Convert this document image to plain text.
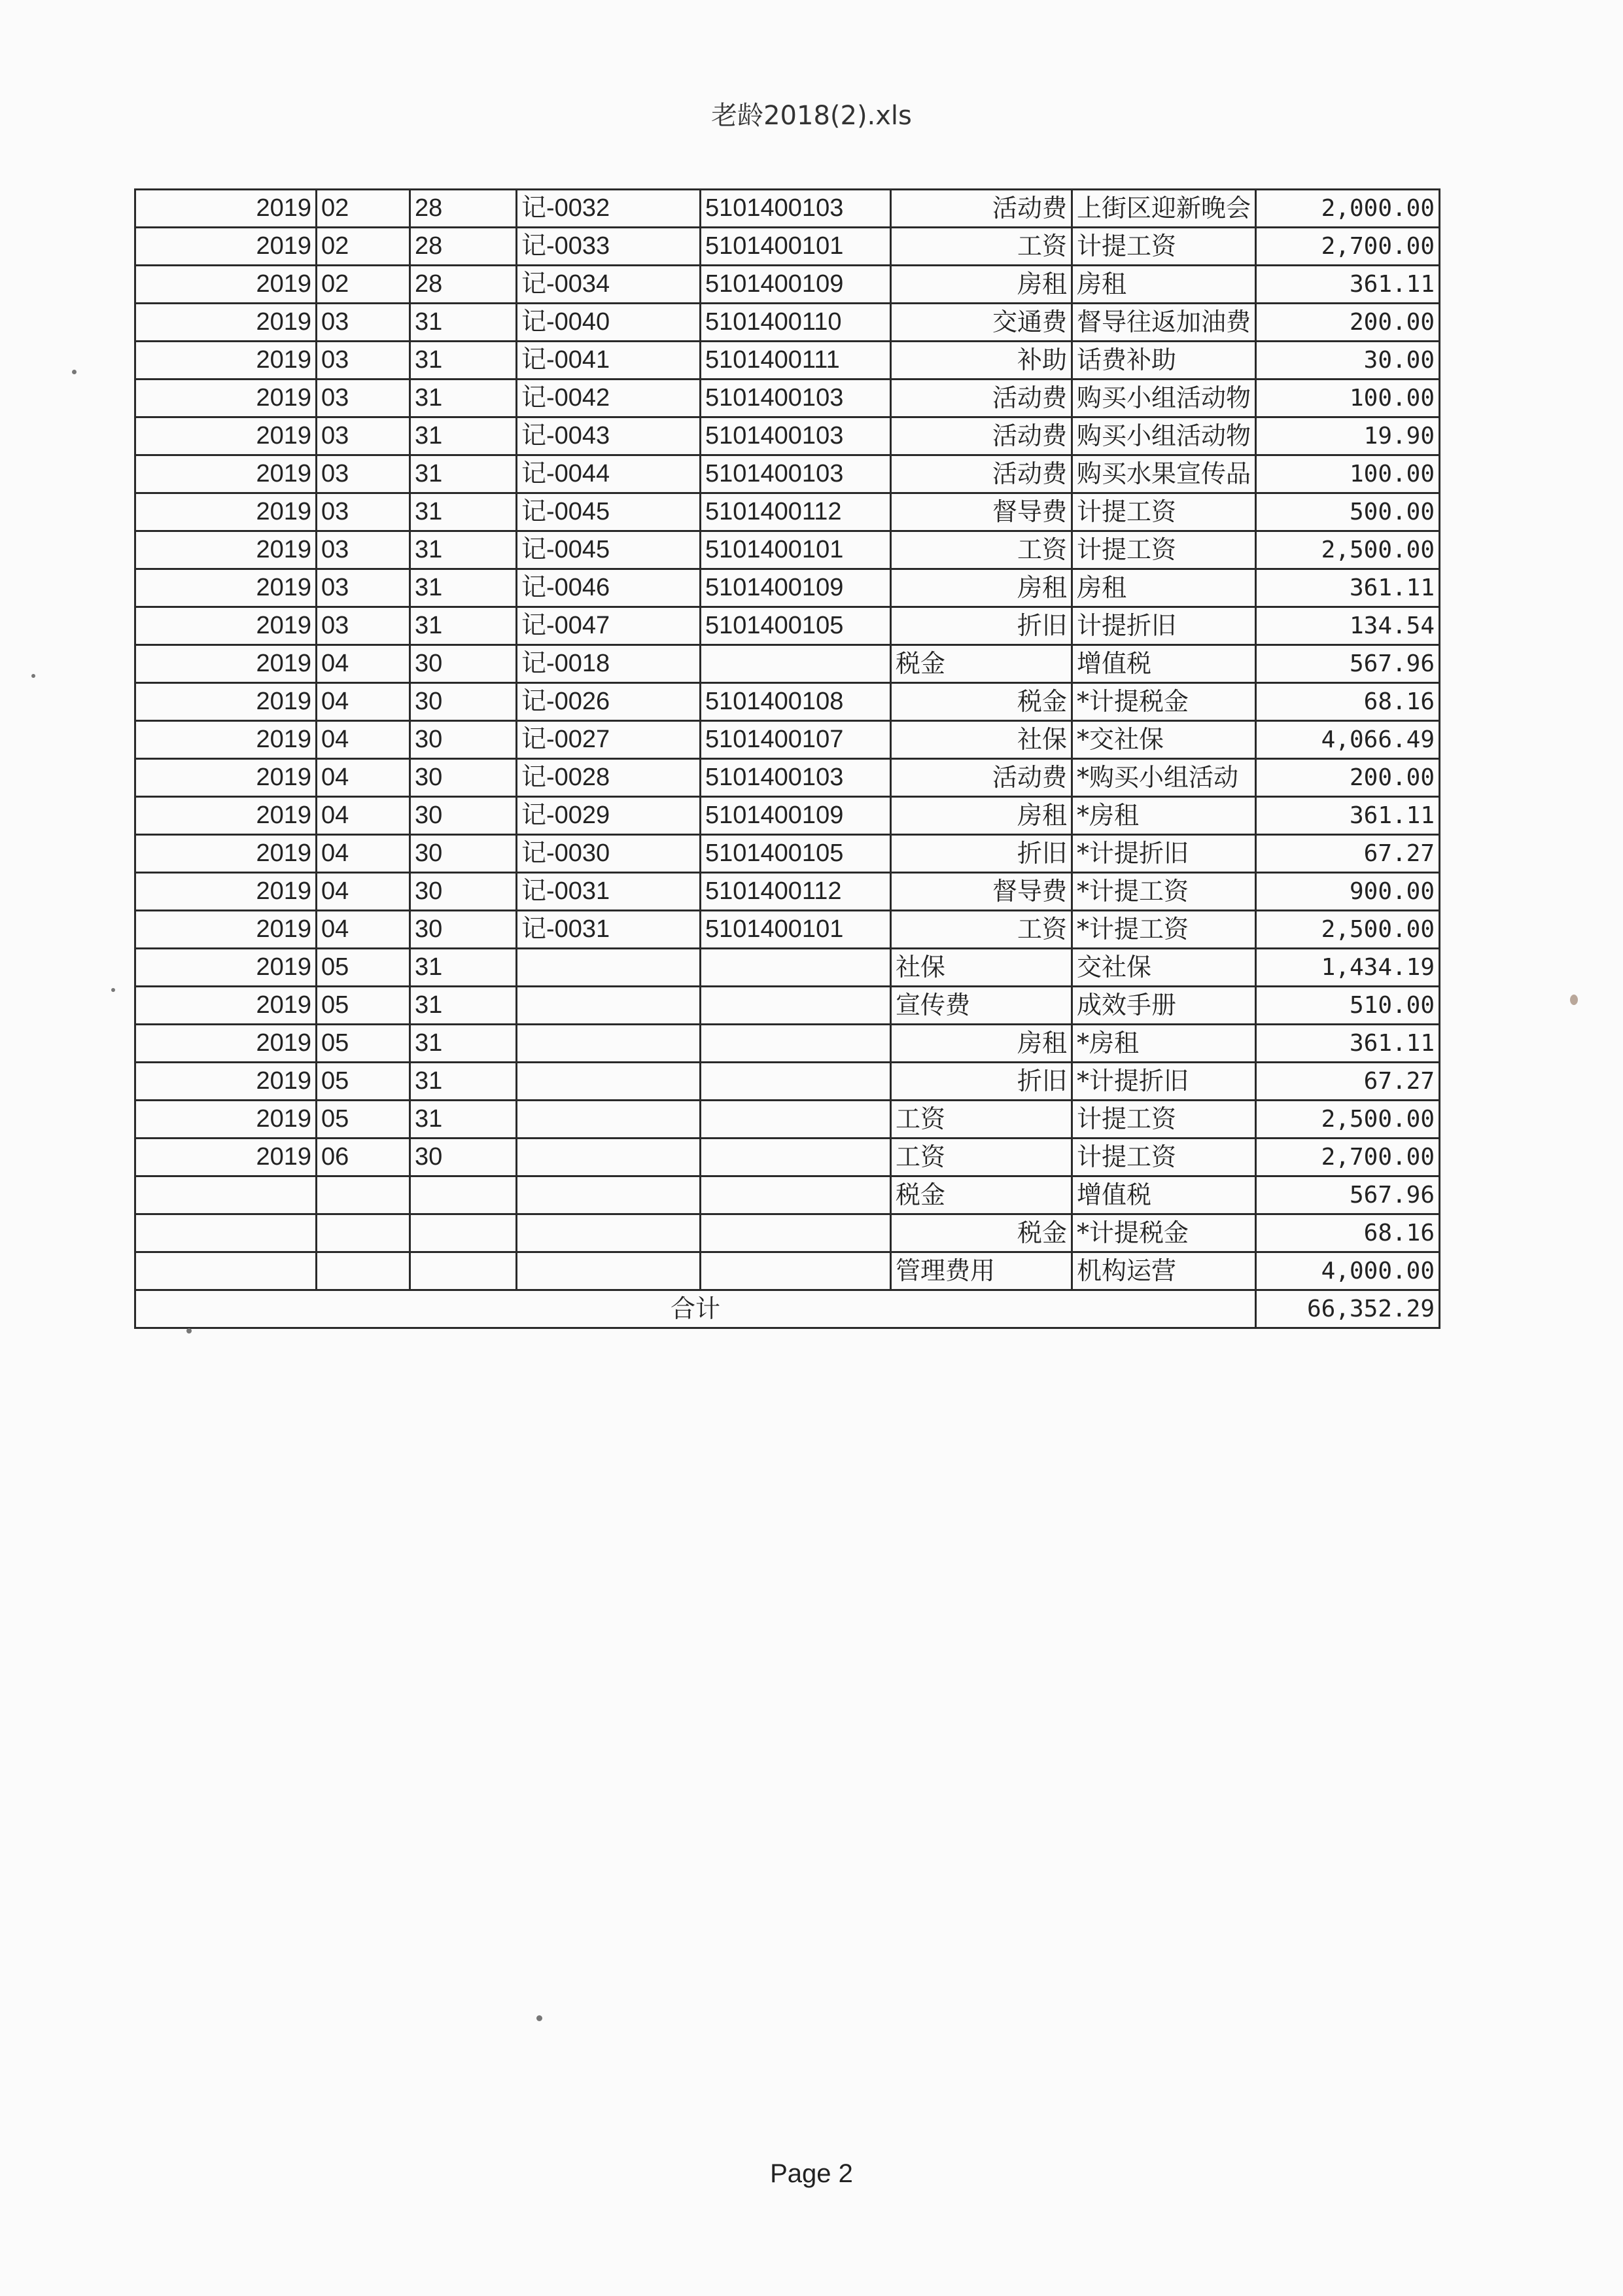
老龄2018(2).xls
2019	02	28	记-0032	5101400103	活动费	上街区迎新晚会	2,000.00
2019	02	28	记-0033	5101400101	工资	计提工资	2,700.00
2019	02	28	记-0034	5101400109	房租	房租	361.11
2019	03	31	记-0040	5101400110	交通费	督导往返加油费	200.00
2019	03	31	记-0041	5101400111	补助	话费补助	30.00
2019	03	31	记-0042	5101400103	活动费	购买小组活动物	100.00
2019	03	31	记-0043	5101400103	活动费	购买小组活动物	19.90
2019	03	31	记-0044	5101400103	活动费	购买水果宣传品	100.00
2019	03	31	记-0045	5101400112	督导费	计提工资	500.00
2019	03	31	记-0045	5101400101	工资	计提工资	2,500.00
2019	03	31	记-0046	5101400109	房租	房租	361.11
2019	03	31	记-0047	5101400105	折旧	计提折旧	134.54
2019	04	30	记-0018		税金	增值税	567.96
2019	04	30	记-0026	5101400108	税金	*计提税金	68.16
2019	04	30	记-0027	5101400107	社保	*交社保	4,066.49
2019	04	30	记-0028	5101400103	活动费	*购买小组活动	200.00
2019	04	30	记-0029	5101400109	房租	*房租	361.11
2019	04	30	记-0030	5101400105	折旧	*计提折旧	67.27
2019	04	30	记-0031	5101400112	督导费	*计提工资	900.00
2019	04	30	记-0031	5101400101	工资	*计提工资	2,500.00
2019	05	31			社保	交社保	1,434.19
2019	05	31			宣传费	成效手册	510.00
2019	05	31			房租	*房租	361.11
2019	05	31			折旧	*计提折旧	67.27
2019	05	31			工资	计提工资	2,500.00
2019	06	30			工资	计提工资	2,700.00
					税金	增值税	567.96
					税金	*计提税金	68.16
					管理费用	机构运营	4,000.00
合计							66,352.29
Page 2
